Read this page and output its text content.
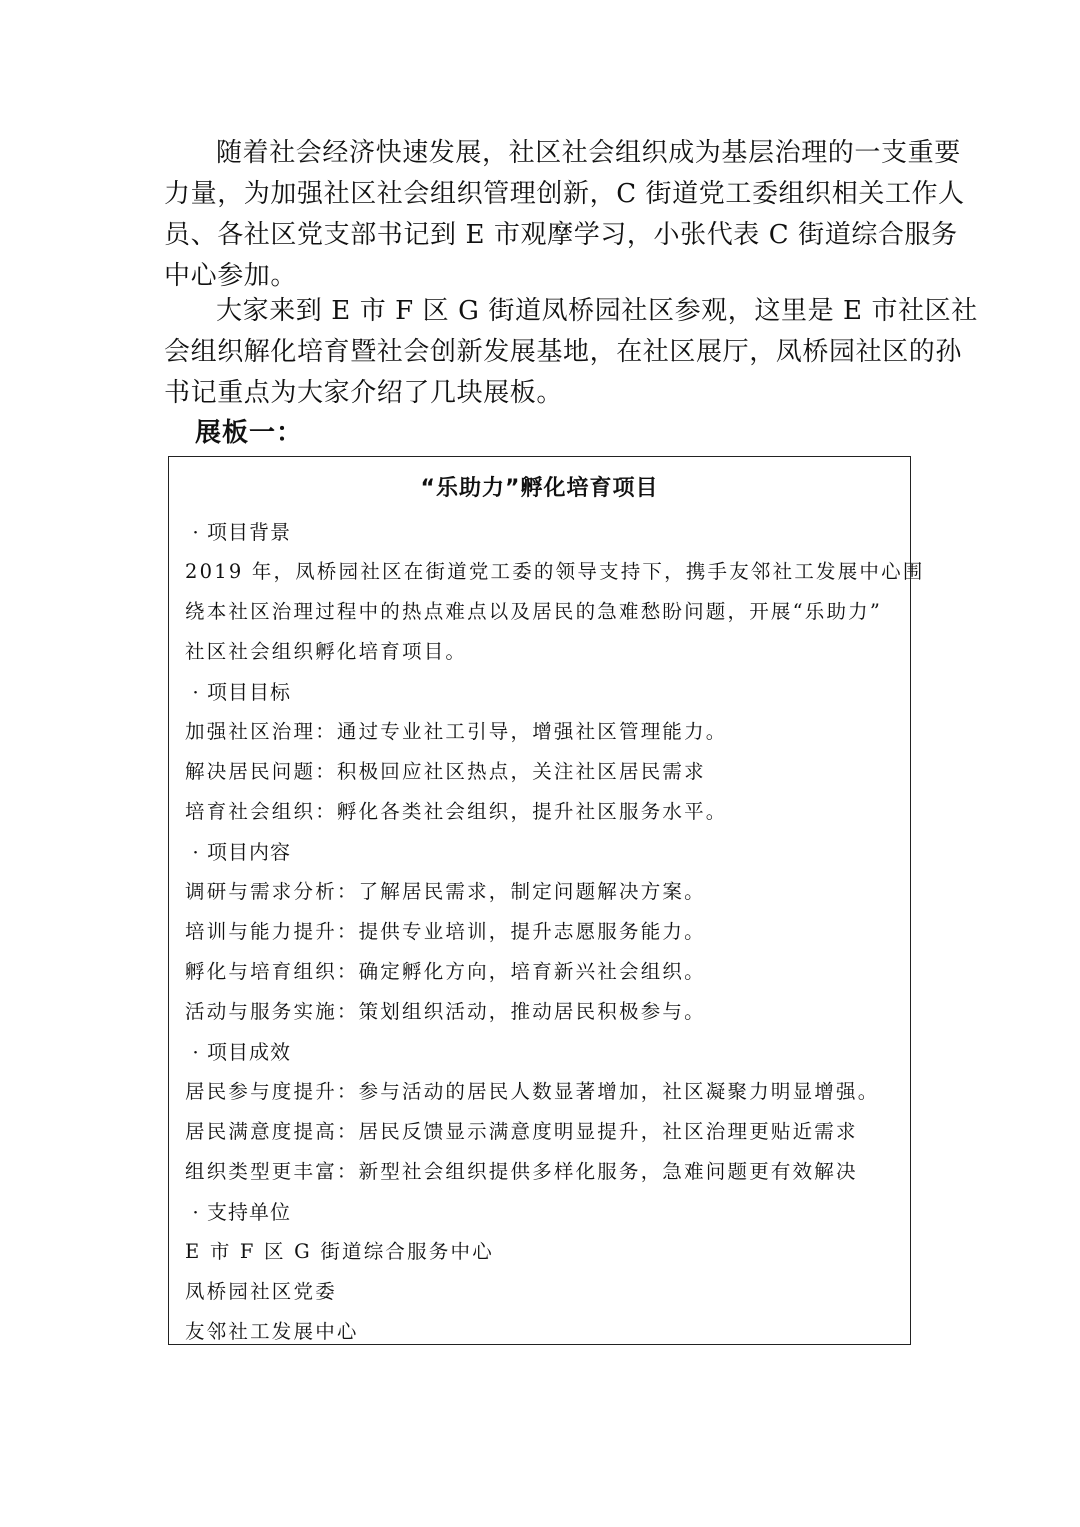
随着社会经济快速发展，社区社会组织成为基层治理的一支重要
力量，为加强社区社会组织管理创新，C 街道党工委组织相关工作人
员、各社区党支部书记到 E 市观摩学习，小张代表 C 街道综合服务
中心参加。
大家来到 E 市 F 区 G 街道凤桥园社区参观，这里是 E 市社区社
会组织解化培育暨社会创新发展基地，在社区展厅，凤桥园社区的孙
书记重点为大家介绍了几块展板。
展板一：
“乐助力”孵化培育项目
· 项目背景
2019 年，凤桥园社区在街道党工委的领导支持下，携手友邻社工发展中心围
绕本社区治理过程中的热点难点以及居民的急难愁盼问题，开展“乐助力”
社区社会组织孵化培育项目。
· 项目目标
加强社区治理：通过专业社工引导，增强社区管理能力。
解决居民问题：积极回应社区热点，关注社区居民需求
培育社会组织：孵化各类社会组织，提升社区服务水平。
· 项目内容
调研与需求分析：了解居民需求，制定问题解决方案。
培训与能力提升：提供专业培训，提升志愿服务能力。
孵化与培育组织：确定孵化方向，培育新兴社会组织。
活动与服务实施：策划组织活动，推动居民积极参与。
· 项目成效
居民参与度提升：参与活动的居民人数显著增加，社区凝聚力明显增强。
居民满意度提高：居民反馈显示满意度明显提升，社区治理更贴近需求
组织类型更丰富：新型社会组织提供多样化服务，急难问题更有效解决
· 支持单位
E 市 F 区 G 街道综合服务中心
凤桥园社区党委
友邻社工发展中心
